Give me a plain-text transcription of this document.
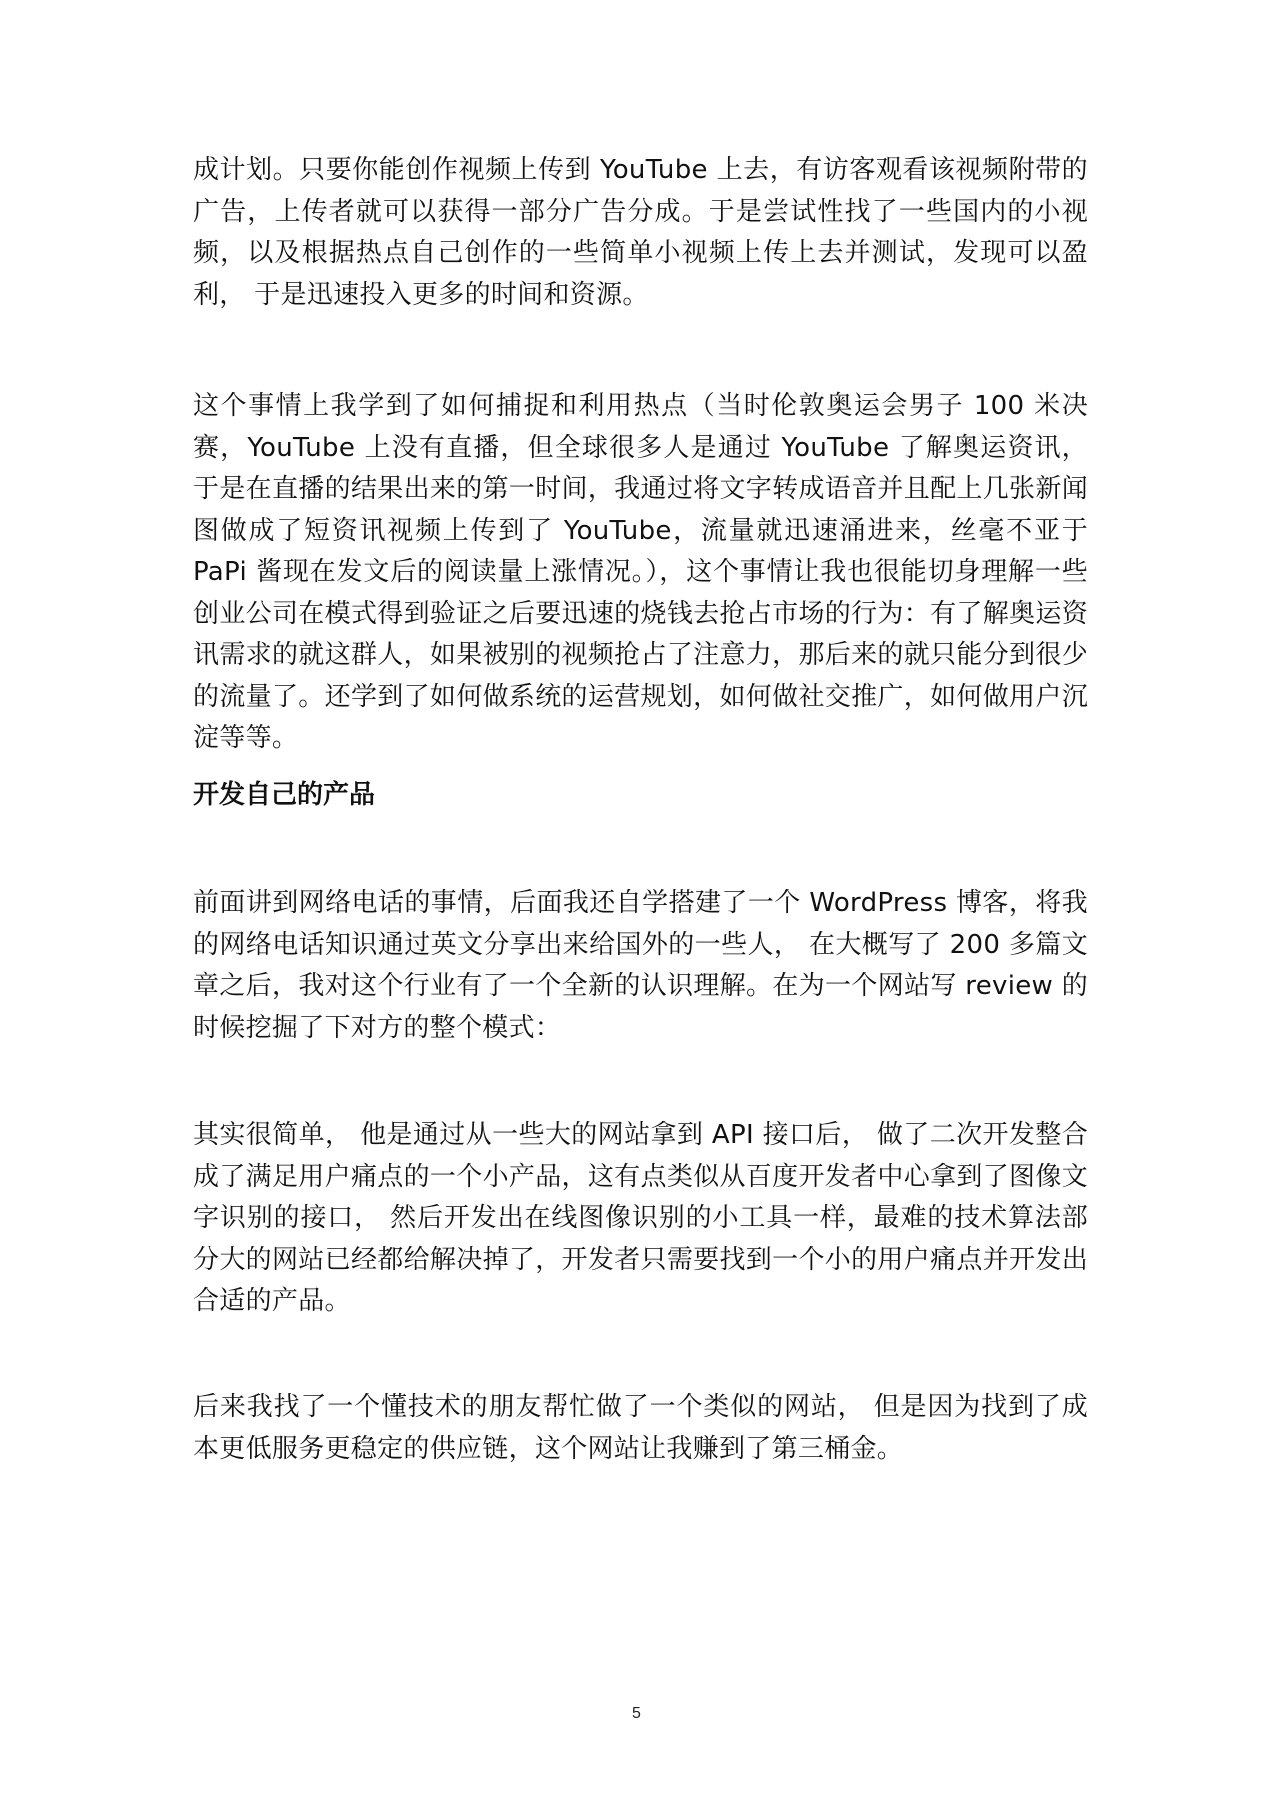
成计划。只要你能创作视频上传到 YouTube 上去，有访客观看该视频附带的广告，上传者就可以获得一部分广告分成。于是尝试性找了一些国内的小视频，以及根据热点自己创作的一些简单小视频上传上去并测试，发现可以盈利， 于是迅速投入更多的时间和资源。

这个事情上我学到了如何捕捉和利用热点（当时伦敦奥运会男子 100 米决赛，YouTube 上没有直播，但全球很多人是通过 YouTube 了解奥运资讯，于是在直播的结果出来的第一时间，我通过将文字转成语音并且配上几张新闻图做成了短资讯视频上传到了 YouTube，流量就迅速涌进来，丝毫不亚于 PaPi 酱现在发文后的阅读量上涨情况。），这个事情让我也很能切身理解一些创业公司在模式得到验证之后要迅速的烧钱去抢占市场的行为：有了解奥运资讯需求的就这群人，如果被别的视频抢占了注意力，那后来的就只能分到很少的流量了。还学到了如何做系统的运营规划，如何做社交推广，如何做用户沉淀等等。

开发自己的产品

前面讲到网络电话的事情，后面我还自学搭建了一个 WordPress 博客，将我的网络电话知识通过英文分享出来给国外的一些人， 在大概写了 200 多篇文章之后，我对这个行业有了一个全新的认识理解。在为一个网站写 review 的时候挖掘了下对方的整个模式：

其实很简单， 他是通过从一些大的网站拿到 API 接口后， 做了二次开发整合成了满足用户痛点的一个小产品，这有点类似从百度开发者中心拿到了图像文字识别的接口， 然后开发出在线图像识别的小工具一样，最难的技术算法部分大的网站已经都给解决掉了，开发者只需要找到一个小的用户痛点并开发出合适的产品。

后来我找了一个懂技术的朋友帮忙做了一个类似的网站， 但是因为找到了成本更低服务更稳定的供应链，这个网站让我赚到了第三桶金。

5
